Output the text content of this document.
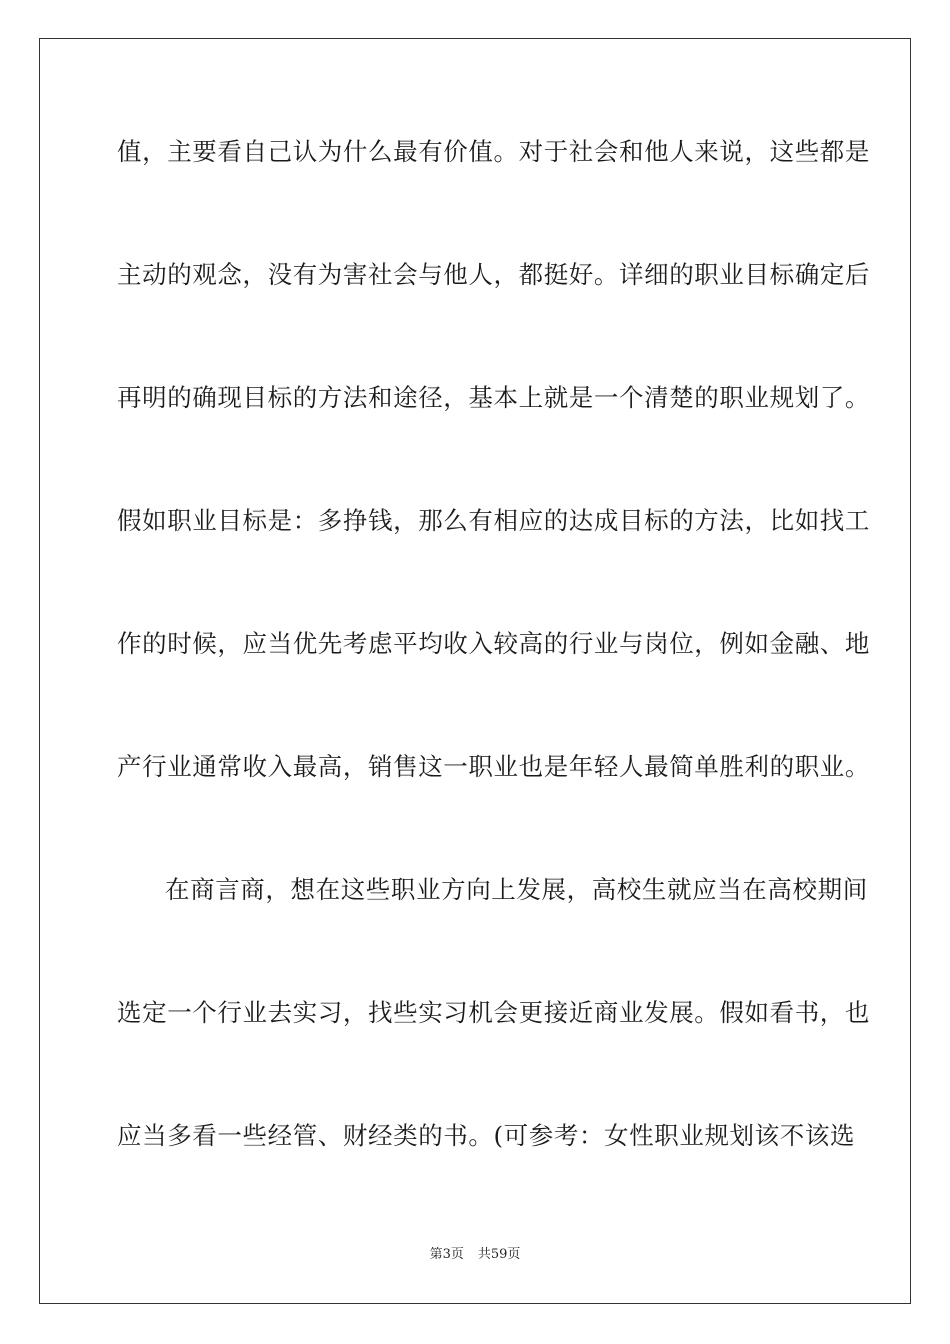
值，主要看自己认为什么最有价值。对于社会和他人来说，这些都是
主动的观念，没有为害社会与他人，都挺好。详细的职业目标确定后
再明的确现目标的方法和途径，基本上就是一个清楚的职业规划了。
假如职业目标是：多挣钱，那么有相应的达成目标的方法，比如找工
作的时候，应当优先考虑平均收入较高的行业与岗位，例如金融、地
产行业通常收入最高，销售这一职业也是年轻人最简单胜利的职业。
在商言商，想在这些职业方向上发展，高校生就应当在高校期间
选定一个行业去实习，找些实习机会更接近商业发展。假如看书，也
应当多看一些经管、财经类的书。(可参考：女性职业规划该不该选
第3页 共59页
